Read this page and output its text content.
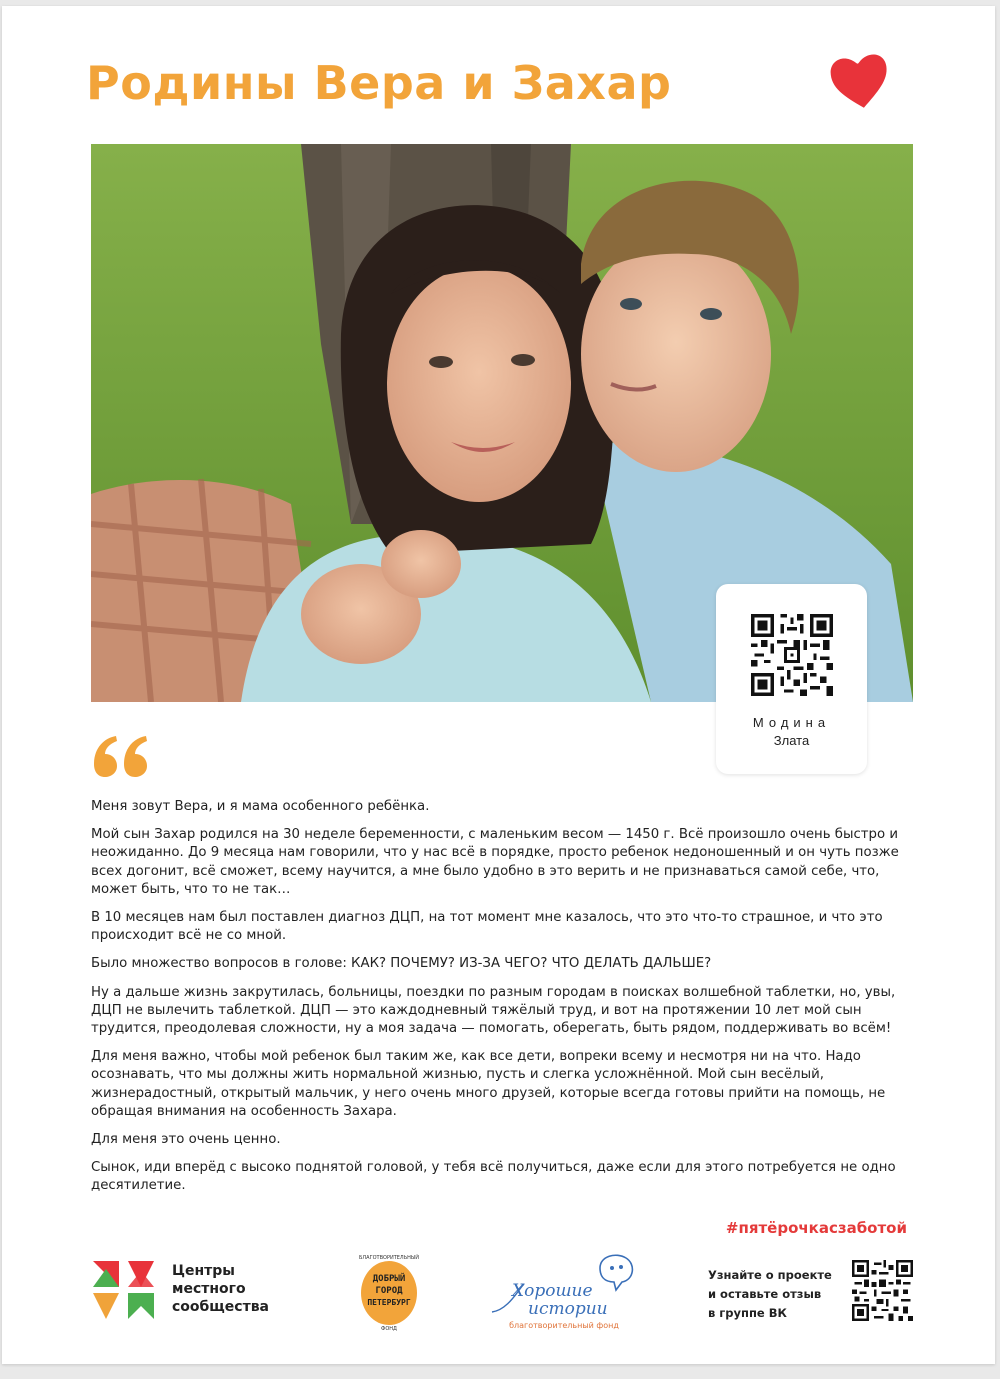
Родины Вера и Захар
Модина
Злата

Меня зовут Вера, и я мама особенного ребёнка.

Мой сын Захар родился на 30 неделе беременности, с маленьким весом — 1450 г. Всё произошло очень быстро и неожиданно. До 9 месяца нам говорили, что у нас всё в порядке, просто ребенок недоношенный и он чуть позже всех догонит, всё сможет, всему научится, а мне было удобно в это верить и не признаваться самой себе, что, может быть, что то не так…

В 10 месяцев нам был поставлен диагноз ДЦП, на тот момент мне казалось, что это что-то страшное, и что это происходит всё не со мной.

Было множество вопросов в голове: КАК? ПОЧЕМУ? ИЗ-ЗА ЧЕГО? ЧТО ДЕЛАТЬ ДАЛЬШЕ?

Ну а дальше жизнь закрутилась, больницы, поездки по разным городам в поисках волшебной таблетки, но, увы, ДЦП не вылечить таблеткой. ДЦП — это каждодневный тяжёлый труд, и вот на протяжении 10 лет мой сын трудится, преодолевая сложности, ну а моя задача — помогать, оберегать, быть рядом, поддерживать во всём!

Для меня важно, чтобы мой ребенок был таким же, как все дети, вопреки всему и несмотря ни на что. Надо осознавать, что мы должны жить нормальной жизнью, пусть и слегка усложнённой. Мой сын весёлый, жизнерадостный, открытый мальчик, у него очень много друзей, которые всегда готовы прийти на помощь, не обращая внимания на особенность Захара.

Для меня это очень ценно.

Сынок, иди вперёд с высоко поднятой головой, у тебя всё получиться, даже если для этого потребуется не одно десятилетие.

#пятёрочкасзаботой
Центры
местного
сообщества
БЛАГОТВОРИТЕЛЬНЫЙ
ДОБРЫЙ
ГОРОД
ПЕТЕРБУРГ
ФОНД
Хорошие
истории
благотворительный фонд
Узнайте о проекте
и оставьте отзыв
в группе ВК
